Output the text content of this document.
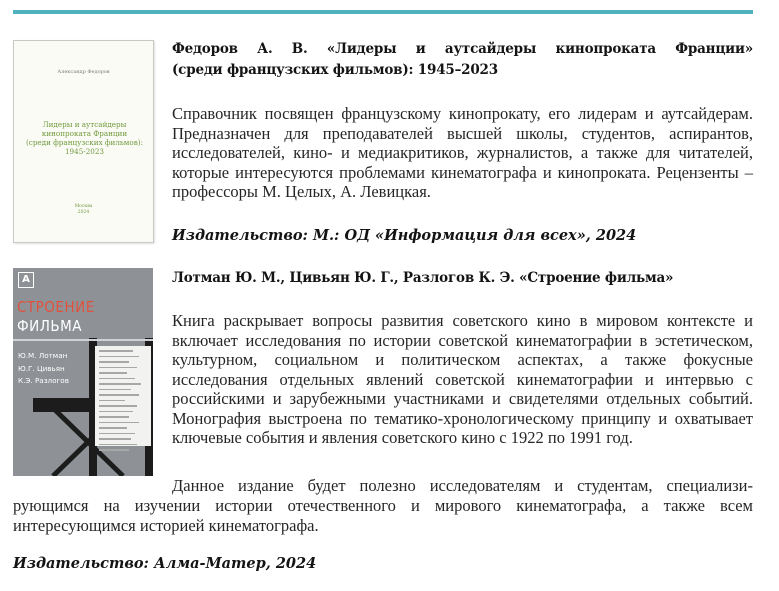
Александр Федоров
Лидеры и аутсайдеры
кинопроката Франции
(среди французских фильмов):
1945-2023
Москва
2024
Федоров А. В. «Лидеры и аутсайдеры кинопроката Франции»
(среди французских фильмов): 1945–2023

Справочник посвящен французскому кинопрокату, его лидерам и аутсайдерам. Предназначен для преподавателей высшей школы, студентов, аспирантов, исследователей, кино- и медиакритиков, журналистов, а также для читателей, которые интересуются проблемами кинематографа и кинопроката. Рецензенты – профессоры М. Целых, А. Левицкая.

Издательство: М.: ОД «Информация для всех», 2024
A
СТРОЕНИЕ
ФИЛЬМА
Ю.М. Лотман
Ю.Г. Цивьян
К.Э. Разлогов
Лотман Ю. М., Цивьян Ю. Г., Разлогов К. Э. «Строение фильма»

Книга раскрывает вопросы развития советского кино в мировом контексте и включает исследования по истории советской кинематографии в эстетическом, культурном, социальном и политическом аспектах, а также фокусные исследования отдельных явлений советской кинематографии и интервью с российскими и зарубежными участниками и свидетелями отдельных событий. Монография выстроена по тематико-хронологическому принципу и охватывает ключевые события и явления советского кино с 1922 по 1991 год.

Данное издание будет полезно исследователям и студентам, специализи-

рующимся на изучении истории отечественного и мирового кинематографа, а также всем интересующимся историей кинематографа.

Издательство: Алма-Матер, 2024
